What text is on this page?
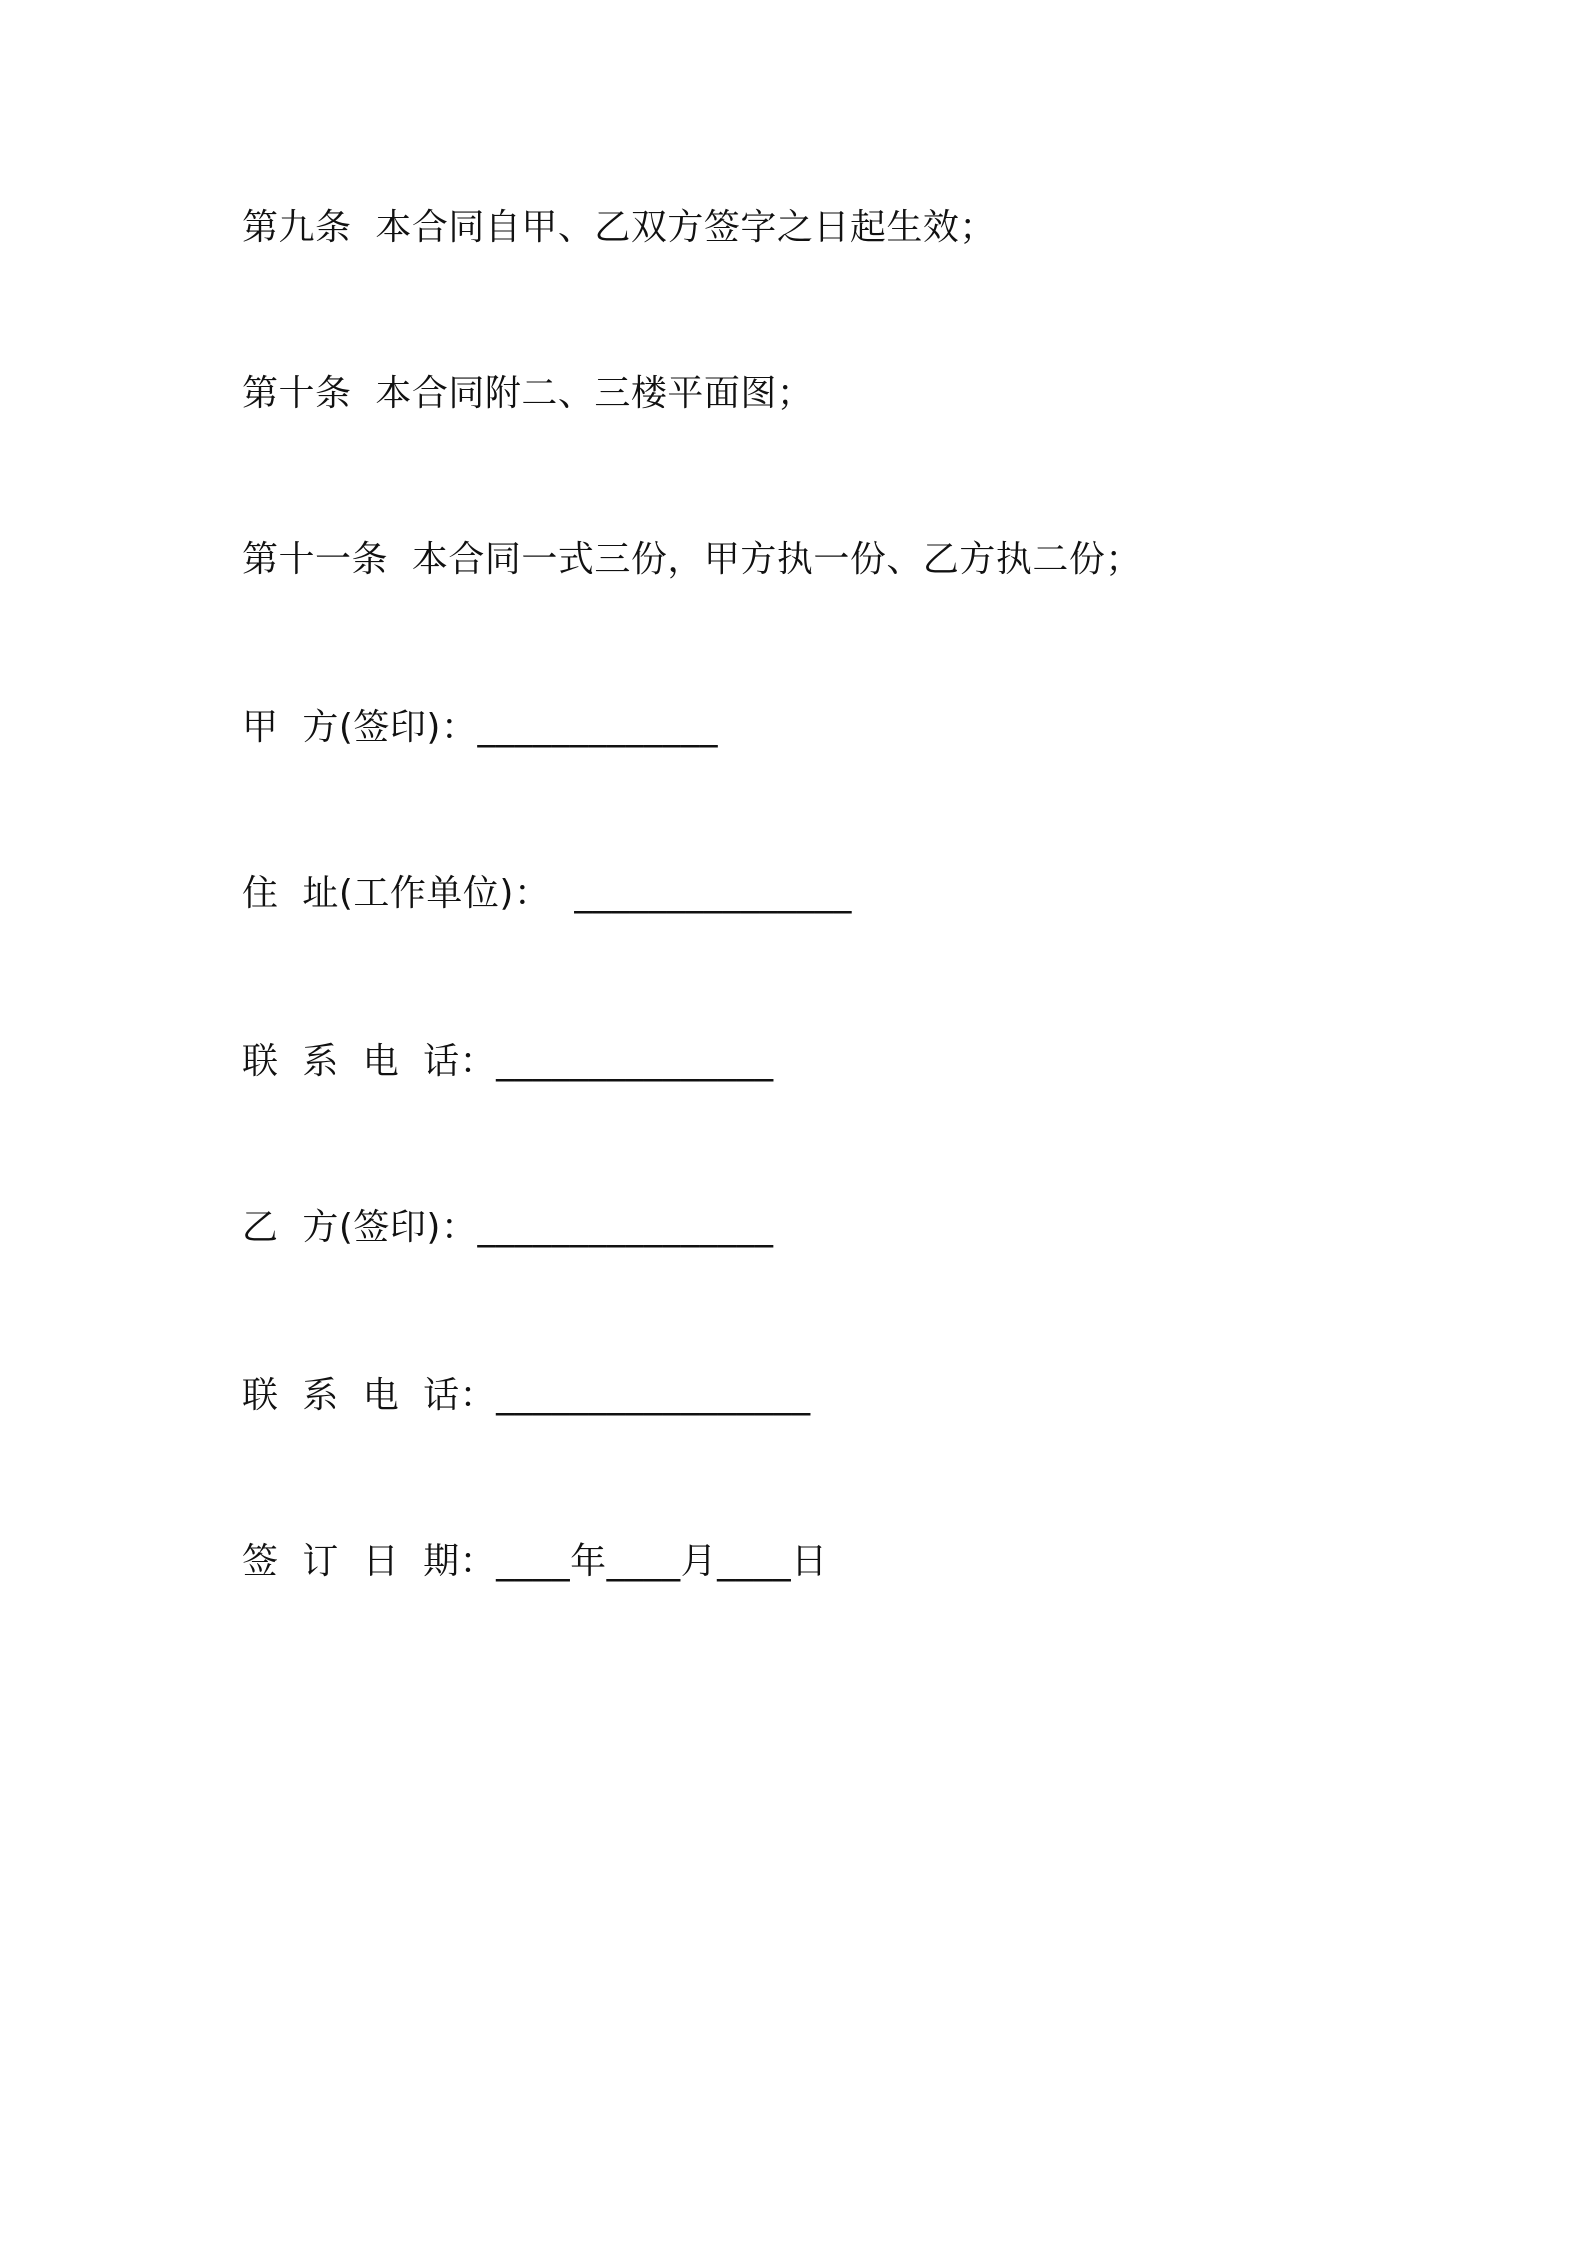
第九条  本合同自甲、乙双方签字之日起生效；
第十条  本合同附二、三楼平面图；
第十一条  本合同一式三份，甲方执一份、乙方执二份；
甲  方(签印)：_____________
住  址(工作单位)：  _______________
联  系  电  话：_______________
乙  方(签印)：________________
联  系  电  话：_________________
签  订  日  期：____年____月____日
